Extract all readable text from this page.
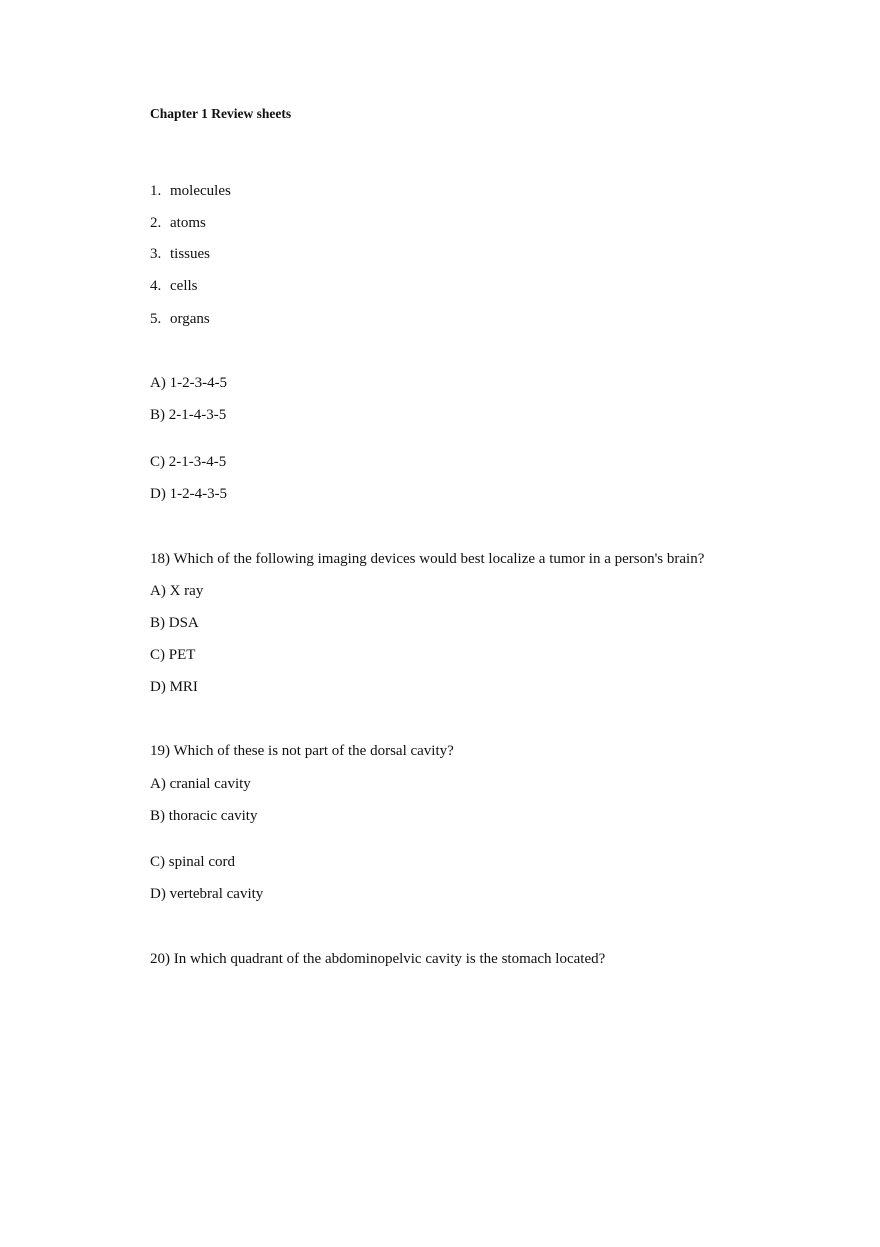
Chapter 1 Review sheets
1. molecules
2. atoms
3. tissues
4. cells
5. organs
A) 1-2-3-4-5
B) 2-1-4-3-5
C) 2-1-3-4-5
D) 1-2-4-3-5
18) Which of the following imaging devices would best localize a tumor in a person's brain?
A) X ray
B) DSA
C) PET
D) MRI
19) Which of these is not part of the dorsal cavity?
A) cranial cavity
B) thoracic cavity
C) spinal cord
D) vertebral cavity
20) In which quadrant of the abdominopelvic cavity is the stomach located?
